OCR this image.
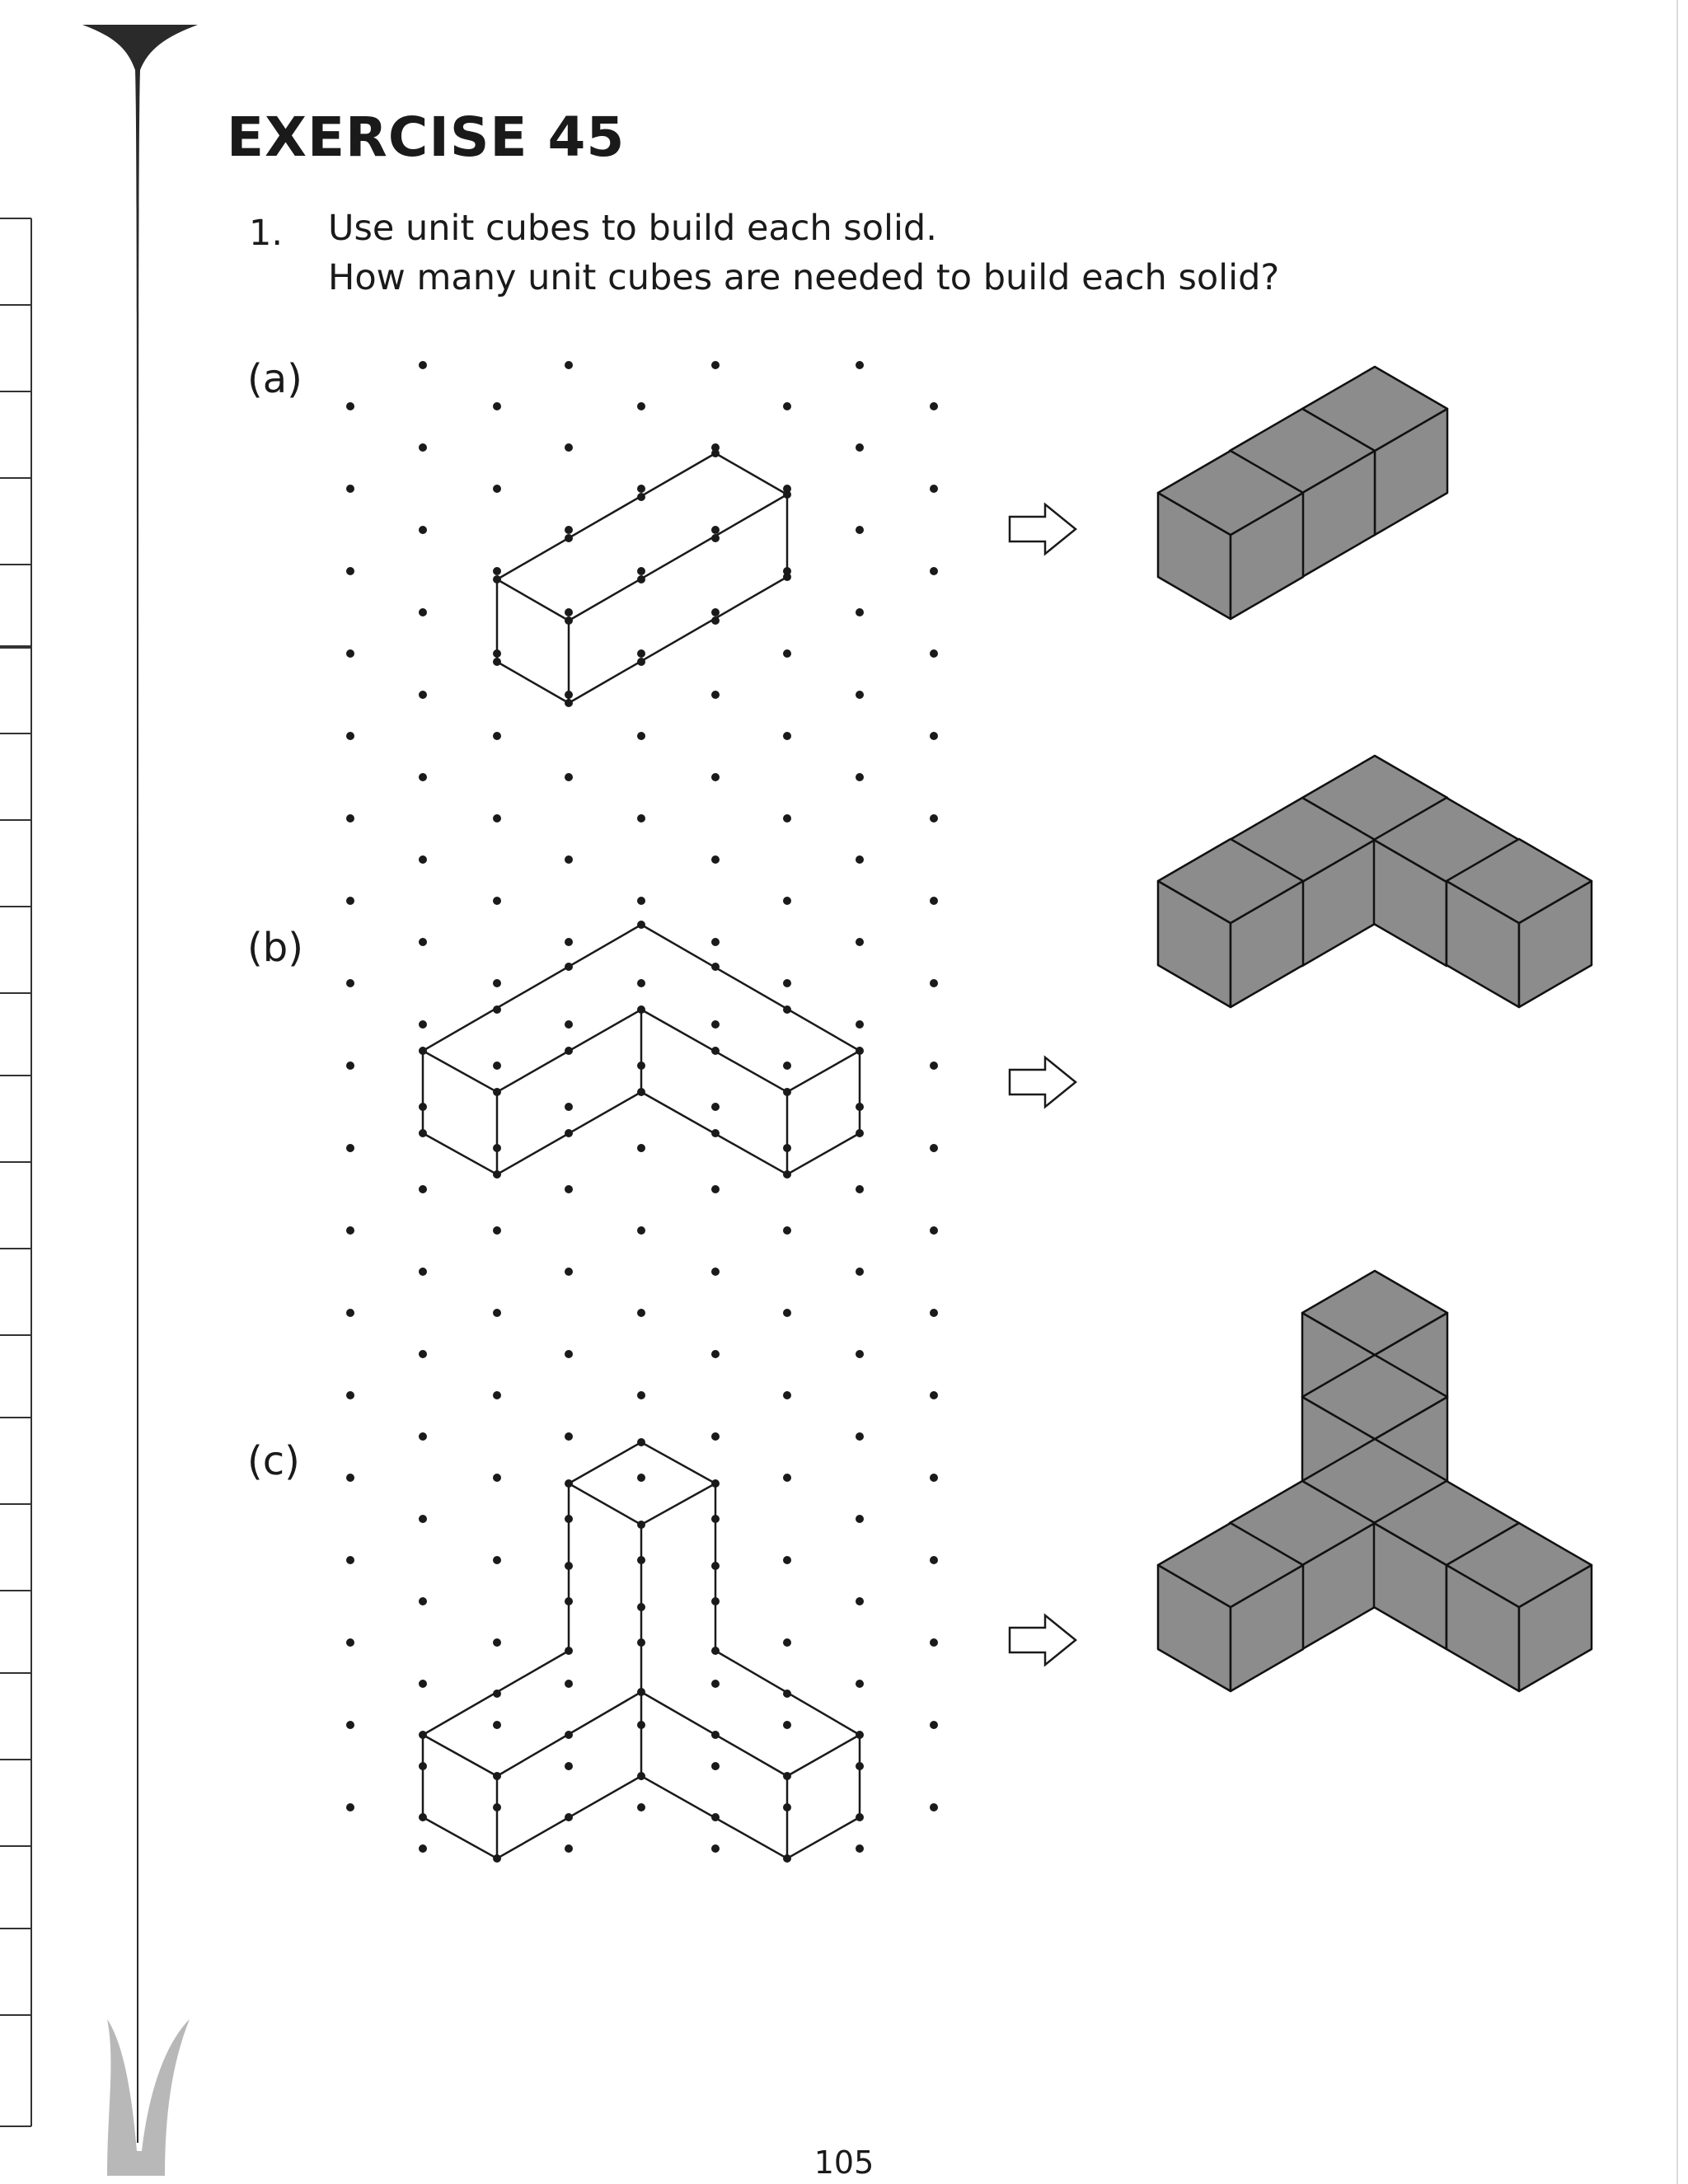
EXERCISE 45
1. Use unit cubes to build each solid.
How many unit cubes are needed to build each solid?
(a)
(b)
(c)
105
